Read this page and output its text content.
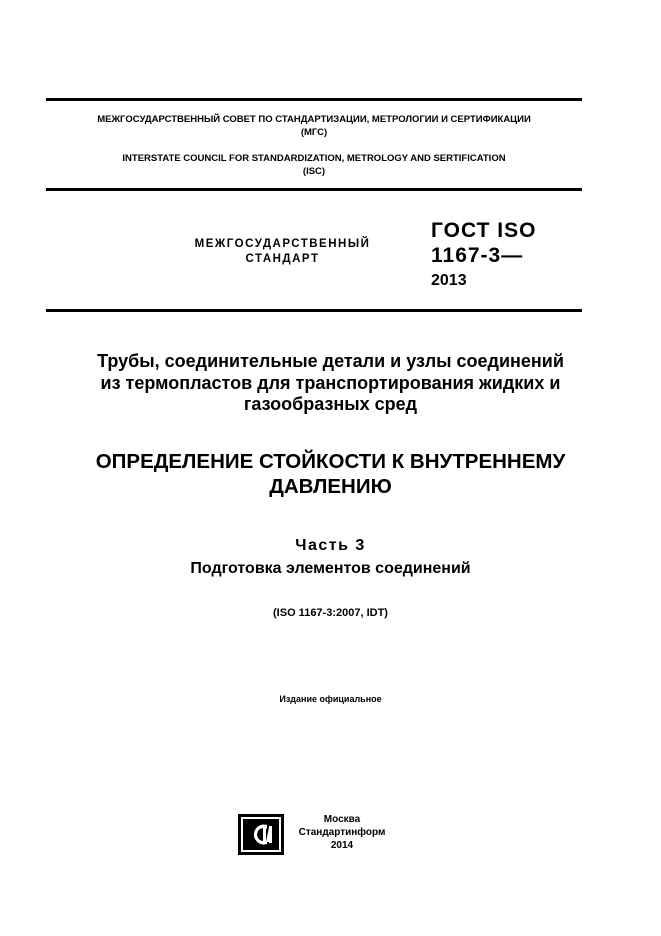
МЕЖГОСУДАРСТВЕННЫЙ СОВЕТ ПО СТАНДАРТИЗАЦИИ, МЕТРОЛОГИИ И СЕРТИФИКАЦИИ
(МГС)
INTERSTATE COUNCIL FOR STANDARDIZATION, METROLOGY AND SERTIFICATION
(ISC)
МЕЖГОСУДАРСТВЕННЫЙ
СТАНДАРТ
ГОСТ ISO
1167-3—
2013
Трубы, соединительные детали и узлы соединений
из термопластов для транспортирования жидких и
газообразных сред
ОПРЕДЕЛЕНИЕ СТОЙКОСТИ К ВНУТРЕННЕМУ
ДАВЛЕНИЮ
Часть 3
Подготовка элементов соединений
(ISO 1167-3:2007, IDT)
Издание официальное
Москва
Стандартинформ
2014
